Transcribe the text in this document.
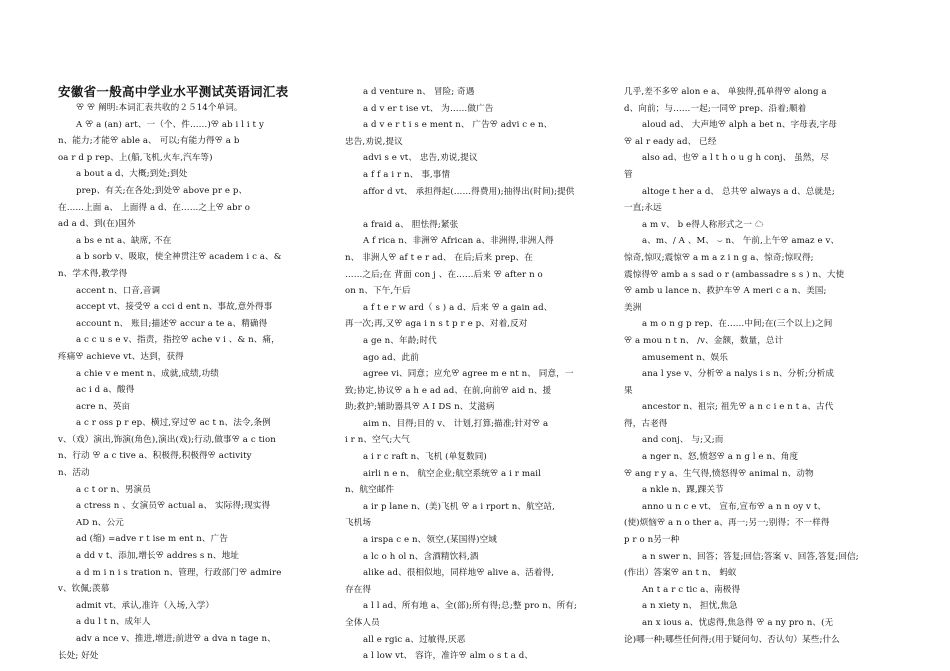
安徽省一般高中学业水平测试英语词汇表

ꕢ ꕢ 阐明:本词汇表共收的２５14个单词。

A ꕢ a (an) art、一（个、件……)ꕢ ab i l i t y

n、能力;才能ꕢ able a、 可以;有能力得ꕢ a b

oa r d p rep、上(船,飞机,火车,汽车等)

a bout a d、大概;到处;到处

prep、有关;在各处;到处ꕢ above pr e p、

在……上面 a、 上面得 a d、在……之上ꕢ abr o

ad a d、到(在)国外

a bs e nt a、缺席, 不在

a b sorb v、吸取，使全神贯注ꕢ academ i c a、&

n、学术得,教学得

accent n、口音,音调

accept vt、接受ꕢ a cci d ent n、事故,意外得事

account n、 账目;描述ꕢ accur a te a、精确得

a c c u s e v、指责，指控ꕢ ache v i 、& n、痛，

疼痛ꕢ achieve vt、达到，获得

a chie v e ment n、成就,成绩,功绩

ac i d a、酸得

acre n、英亩

a c r oss p r ep、横过,穿过ꕢ ac t n、法令,条例

v、（戏）演出,饰演(角色),演出(戏);行动,做事ꕢ a c tion

n、行动 ꕢ a c tive a、积极得,积极得ꕢ activity

n、活动

a c t or n、男演员

a ctress n 、女演员ꕢ actual a、 实际得;现实得

AD n、公元

ad (缩) =adve r t ise m ent n、广告

a dd v t、添加,增长ꕢ addres s n、地址

a d m i n i s tration n、管理，行政部门ꕢ admire

v、钦佩;羡慕

admit vt、承认,准许（入场,入学）

a du l t n、成年人

adv a nce v、推进,增进;前进ꕢ a dva n tage n、

长处; 好处

a d venture n、 冒险; 奇遇

a d v er t ise vt、 为……做广告

a d v e r t i s e ment n、 广告ꕢ advi c e n、

忠告,劝说,提议

advi s e vt、 忠告,劝说,提议

a f f a i r n、 事,事情

affor d vt、 承担得起(……得费用);抽得出(时间);提供

a fraid a、 胆怯得;紧张

A f rica n、非洲ꕢ African a、非洲得,非洲人得

n、 非洲人ꕢ af t e r ad、 在后;后来 prep、在

……之后;在 背面 con j 、在……后来 ꕢ after n o

on n、下午,午后

a f t e r w ard（ s ) a d、后来 ꕢ a gain ad、

再一次;再,又ꕢ aga i n s t p r e p、对着,反对

a ge n、年龄;时代

ago ad、此前

agree vi、同意；应允ꕢ agree m e nt n、 同意，一

致;协定,协议ꕢ a h e ad ad、在前,向前ꕢ aid n、援

助;救护;辅助器具ꕢ A I DS n、艾滋病

aim n、目得;目的 v、 计划,打算;描准;针对ꕢ a

i r n、空气;大气

a i r c raft n、飞机 (单复数同)

airli n e n、 航空企业;航空系统ꕢ a i r mail

n、航空邮件

a ir p lane n、(美)飞机 ꕢ a i rport n、航空站,

飞机场

a irspa c e n、领空,(某国得)空域

a lc o h ol n、含酒精饮料,酒

alike ad、很相似地，同样地ꕢ alive a、活着得,

存在得

a l l ad、所有地 a、全(部);所有得;总;整 pro n、所有;

全体人员

all e rgic a、过敏得,厌恶

a l low vt、 容许，准许ꕢ alm o s t a d、

几乎,差不多ꕢ alon e a、 单独得,孤单得ꕢ along a

d、向前；与……一起;一同ꕢ prep、沿着;顺着

aloud ad、 大声地ꕢ alph a bet n、字母表,字母

ꕢ al r eady ad、 已经

also ad、也ꕢ a l t h o u g h conj、 虽然，尽

管

altoge t her a d、 总共ꕢ always a d、总就是;

一直;永远

a m v、 b e得人称形式之一 ☁

a、m、/ A 、M、 ⌣ n、 午前,上午ꕢ amaz e v、

惊奇,惊叹;震惊ꕢ a m a z i n g a、惊奇;惊叹得;

震惊得ꕢ amb a s sad o r (ambassadre s s ) n、大使

ꕢ amb u lance n、救护车ꕢ A meri c a n、美国;

美洲

a m o n g p rep、在……中间;在(三个以上)之间

ꕢ a mou n t n、 /v、金额，数量，总计

amusement n、娱乐

ana l yse v、分析ꕢ a nalys i s n、分析;分析成

果

ancestor n、祖宗; 祖先ꕢ a n c i e n t a、古代

得，古老得

and conj、 与;又;而

a nger n、怒,愤怒ꕢ a n g l e n、角度

ꕢ ang r y a、生气得,愤怒得ꕢ animal n、动物

a nkle n、踝,踝关节

anno u n c e vt、 宣布,宣布ꕢ a n n oy v t、

(使)烦恼ꕢ a n o ther a、再一;另一;别得；不一样得

p r o n另一种

a n swer n、回答；答复;回信;答案 v、回答,答复;回信;

(作出）答案ꕢ an t n、 蚂蚁

An t a r c tic a、南极得

a n xiety n、 担忧,焦急

an x ious a、忧虑得,焦急得 ꕢ a ny pro n、(无

论)哪一种;哪些任何得;(用于疑问句、否认句）某些;什么
